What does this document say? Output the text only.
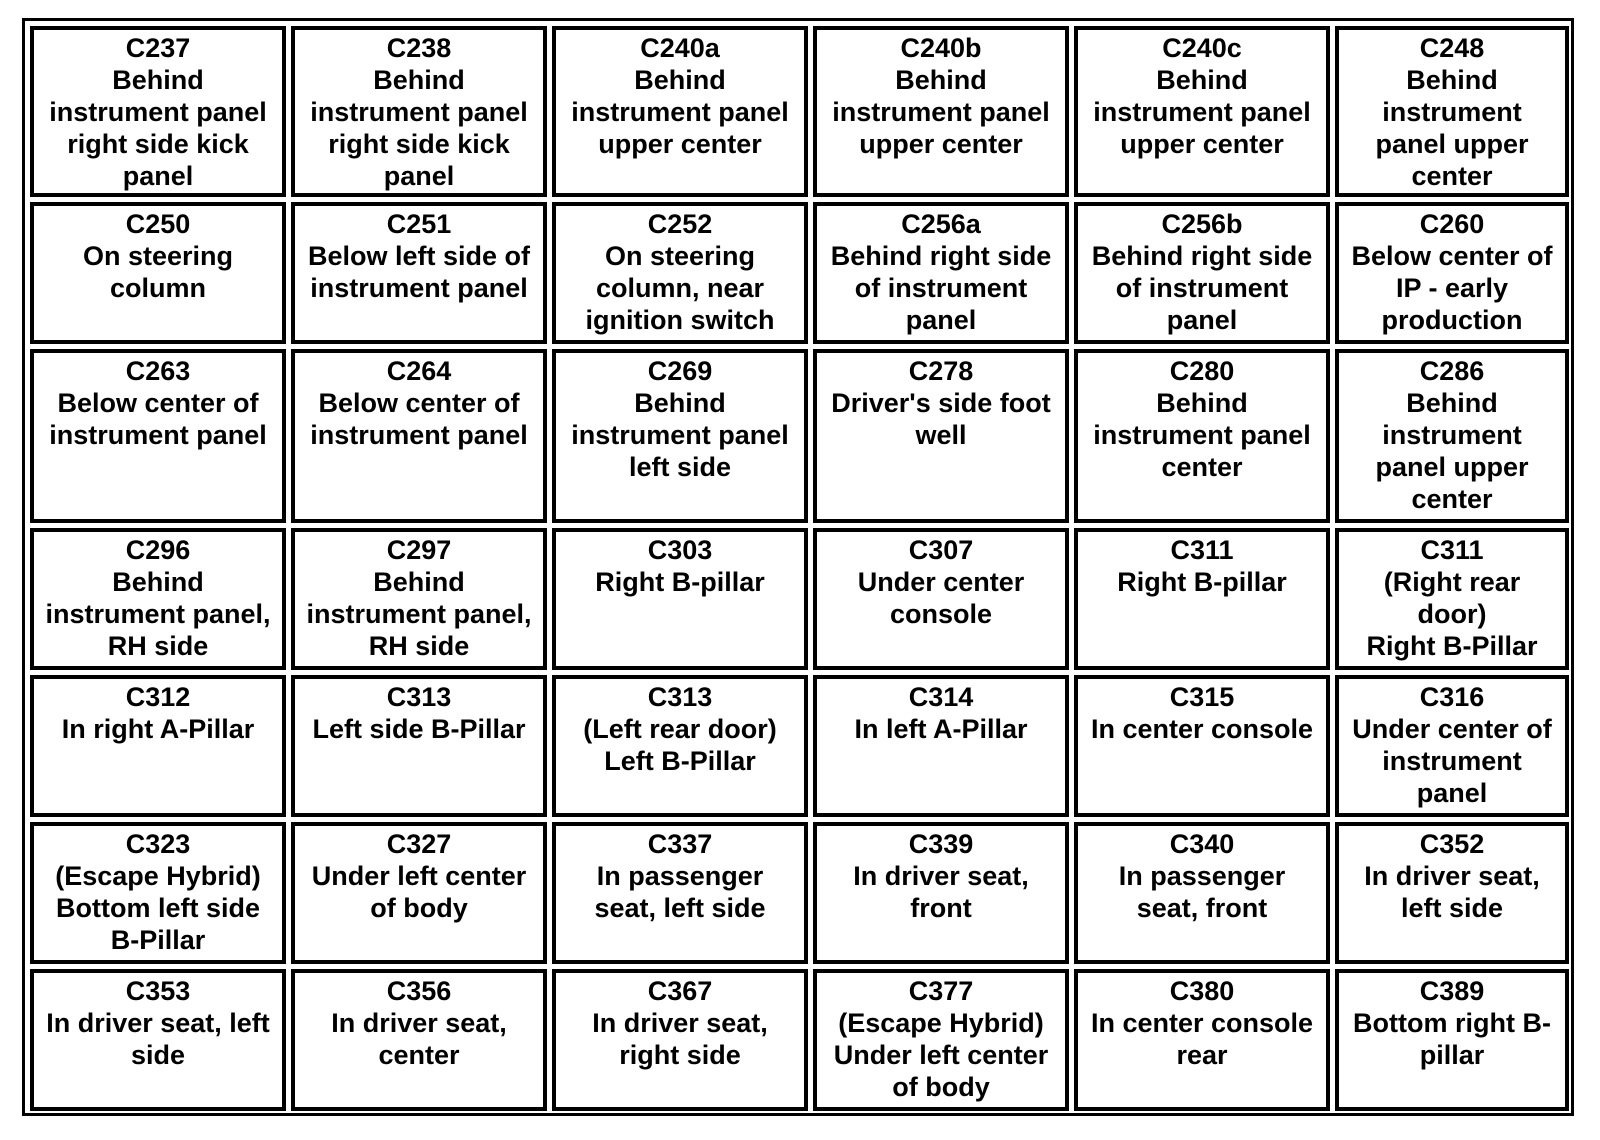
C237
Behind
instrument panel
right side kick
panel
C238
Behind
instrument panel
right side kick
panel
C240a
Behind
instrument panel
upper center
C240b
Behind
instrument panel
upper center
C240c
Behind
instrument panel
upper center
C248
Behind
instrument
panel upper
center
C250
On steering
column
C251
Below left side of
instrument panel
C252
On steering
column, near
ignition switch
C256a
Behind right side
of instrument
panel
C256b
Behind right side
of instrument
panel
C260
Below center of
IP - early
production
C263
Below center of
instrument panel
C264
Below center of
instrument panel
C269
Behind
instrument panel
left side
C278
Driver's side foot
well
C280
Behind
instrument panel
center
C286
Behind
instrument
panel upper
center
C296
Behind
instrument panel,
RH side
C297
Behind
instrument panel,
RH side
C303
Right B-pillar
C307
Under center
console
C311
Right B-pillar
C311
(Right rear
door)
Right B-Pillar
C312
In right A-Pillar
C313
Left side B-Pillar
C313
(Left rear door)
Left B-Pillar
C314
In left A-Pillar
C315
In center console
C316
Under center of
instrument
panel
C323
(Escape Hybrid)
Bottom left side
B-Pillar
C327
Under left center
of body
C337
In passenger
seat, left side
C339
In driver seat,
front
C340
In passenger
seat, front
C352
In driver seat,
left side
C353
In driver seat, left
side
C356
In driver seat,
center
C367
In driver seat,
right side
C377
(Escape Hybrid)
Under left center
of body
C380
In center console
rear
C389
Bottom right B-
pillar
